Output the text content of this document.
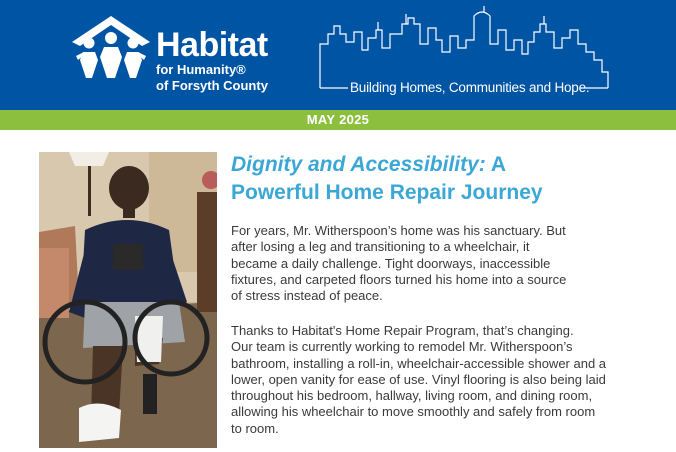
Habitat
for Humanity®
of Forsyth County	Building Homes, Communities and Hope.
MAY 2025
Dignity and Accessibility: A
Powerful Home Repair Journey
For years, Mr. Witherspoon’s home was his sanctuary. But
after losing a leg and transitioning to a wheelchair, it
became a daily challenge. Tight doorways, inaccessible
fixtures, and carpeted floors turned his home into a source
of stress instead of peace.
Thanks to Habitat's Home Repair Program, that’s changing.
Our team is currently working to remodel Mr. Witherspoon’s
bathroom, installing a roll-in, wheelchair-accessible shower and a
lower, open vanity for ease of use. Vinyl flooring is also being laid
throughout his bedroom, hallway, living room, and dining room,
allowing his wheelchair to move smoothly and safely from room
to room.
